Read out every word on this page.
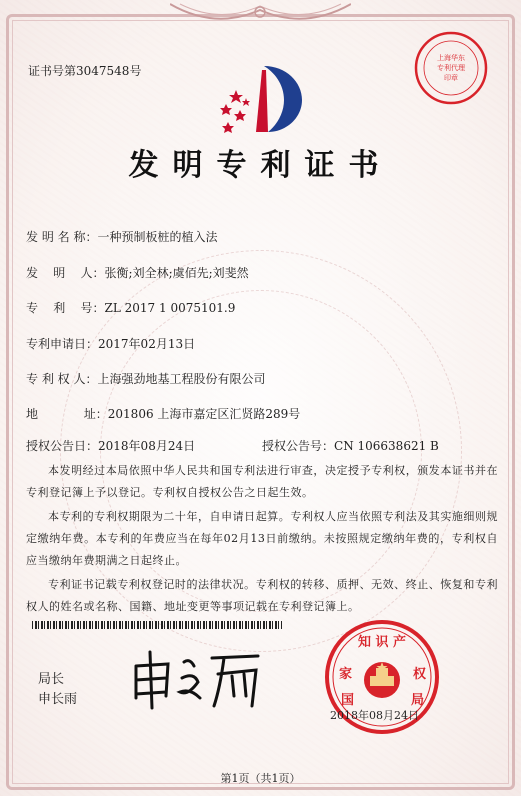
证书号第3047548号
上海华东
专利代理
印章
发明专利证书
发 明 名 称：一种预制板桩的植入法
发    明    人：张衡;刘全林;虞佰先;刘斐然
专    利    号：ZL 2017 1 0075101.9
专利申请日：2017年02月13日
专 利 权 人：上海强劲地基工程股份有限公司
地            址：201806 上海市嘉定区汇贤路289号
授权公告日：2018年08月24日	授权公告号：CN 106638621 B
本发明经过本局依照中华人民共和国专利法进行审查，决定授予专利权，颁发本证书并在专利登记簿上予以登记。专利权自授权公告之日起生效。
本专利的专利权期限为二十年，自申请日起算。专利权人应当依照专利法及其实施细则规定缴纳年费。本专利的年费应当在每年02月13日前缴纳。未按照规定缴纳年费的，专利权自应当缴纳年费期满之日起终止。
专利证书记载专利权登记时的法律状况。专利权的转移、质押、无效、终止、恢复和专利权人的姓名或名称、国籍、地址变更等事项记载在专利登记簿上。
局长
申长雨
知 识 产
家	权
国	局
2018年08月24日
第1页（共1页）
